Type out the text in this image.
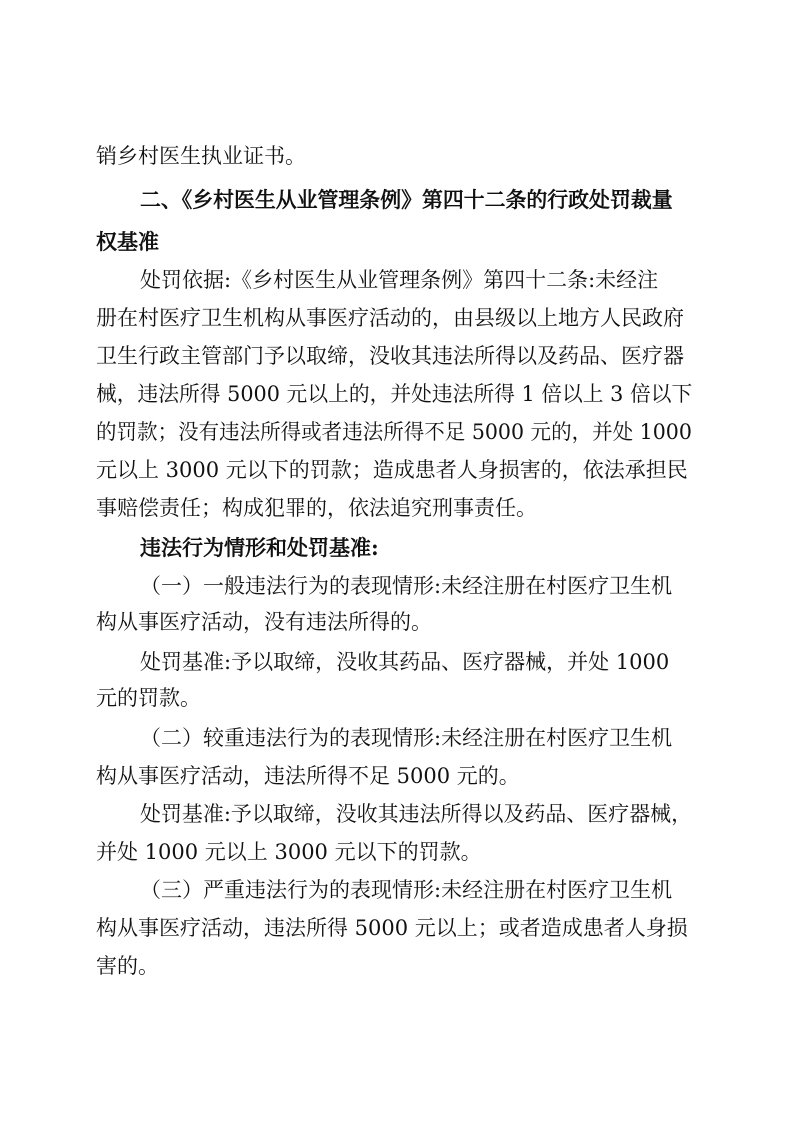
销乡村医生执业证书。
二、《乡村医生从业管理条例》第四十二条的行政处罚裁量
权基准
处罚依据:《乡村医生从业管理条例》第四十二条:未经注
册在村医疗卫生机构从事医疗活动的，由县级以上地方人民政府
卫生行政主管部门予以取缔，没收其违法所得以及药品、医疗器
械，违法所得 5000 元以上的，并处违法所得 1 倍以上 3 倍以下
的罚款；没有违法所得或者违法所得不足 5000 元的，并处 1000
元以上 3000 元以下的罚款；造成患者人身损害的，依法承担民
事赔偿责任；构成犯罪的，依法追究刑事责任。
违法行为情形和处罚基准:
（一）一般违法行为的表现情形:未经注册在村医疗卫生机
构从事医疗活动，没有违法所得的。
处罚基准:予以取缔，没收其药品、医疗器械，并处 1000
元的罚款。
（二）较重违法行为的表现情形:未经注册在村医疗卫生机
构从事医疗活动，违法所得不足 5000 元的。
处罚基准:予以取缔，没收其违法所得以及药品、医疗器械，
并处 1000 元以上 3000 元以下的罚款。
（三）严重违法行为的表现情形:未经注册在村医疗卫生机
构从事医疗活动，违法所得 5000 元以上；或者造成患者人身损
害的。
